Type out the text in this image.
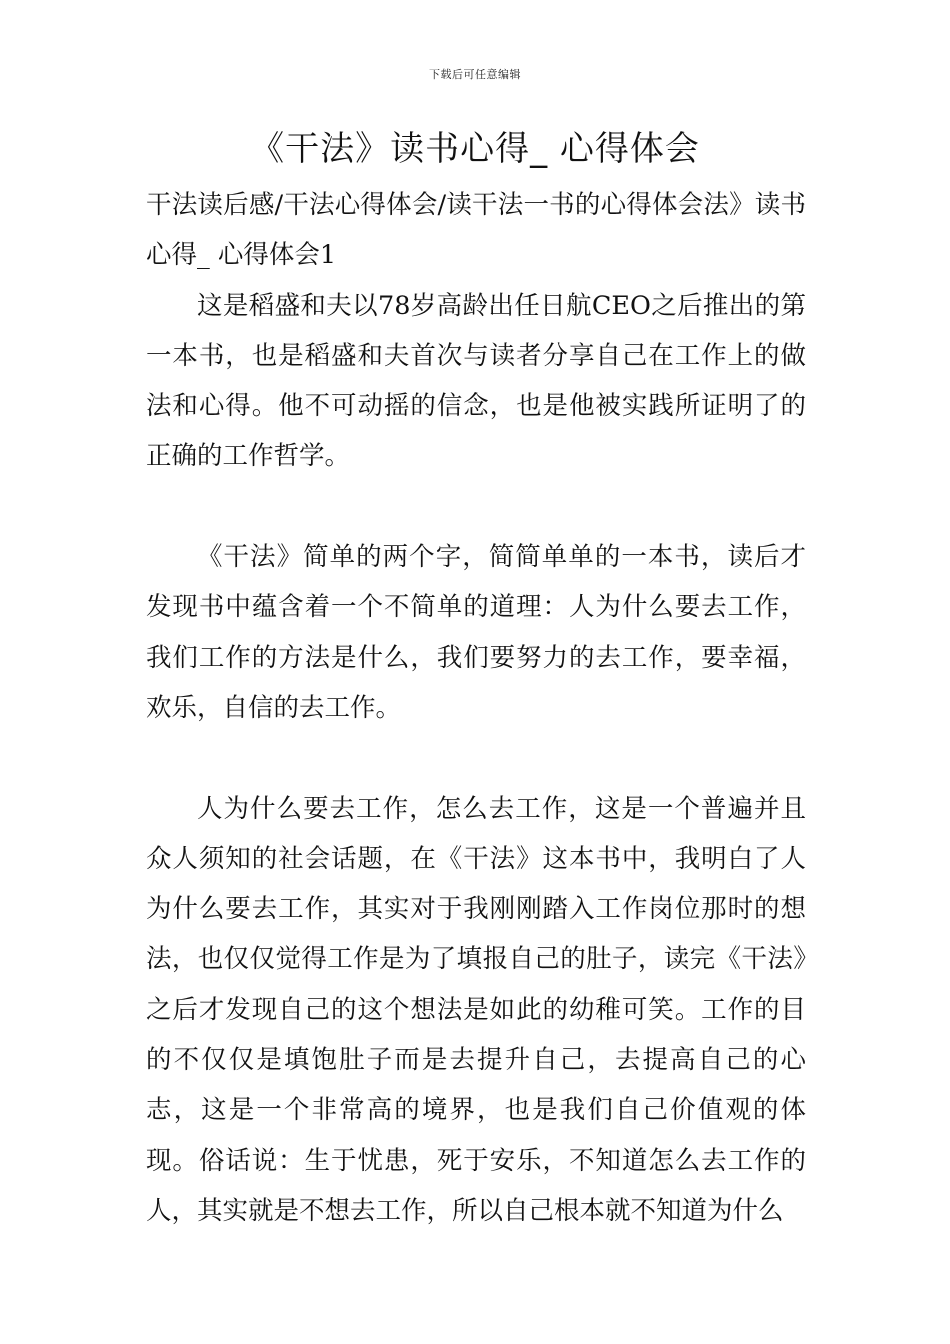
下载后可任意编辑
《干法》读书心得_ 心得体会

干法读后感/干法心得体会/读干法一书的心得体会法》读书心得_ 心得体会1

这是稻盛和夫以78岁高龄出任日航CEO之后推出的第一本书，也是稻盛和夫首次与读者分享自己在工作上的做法和心得。他不可动摇的信念，也是他被实践所证明了的正确的工作哲学。

《干法》简单的两个字，简简单单的一本书，读后才发现书中蕴含着一个不简单的道理：人为什么要去工作，我们工作的方法是什么，我们要努力的去工作，要幸福，欢乐，自信的去工作。

人为什么要去工作，怎么去工作，这是一个普遍并且众人须知的社会话题，在《干法》这本书中，我明白了人为什么要去工作，其实对于我刚刚踏入工作岗位那时的想法，也仅仅觉得工作是为了填报自己的肚子，读完《干法》之后才发现自己的这个想法是如此的幼稚可笑。工作的目的不仅仅是填饱肚子而是去提升自己，去提高自己的心志，这是一个非常高的境界，也是我们自己价值观的体现。俗话说：生于忧患，死于安乐，不知道怎么去工作的人，其实就是不想去工作，所以自己根本就不知道为什么
